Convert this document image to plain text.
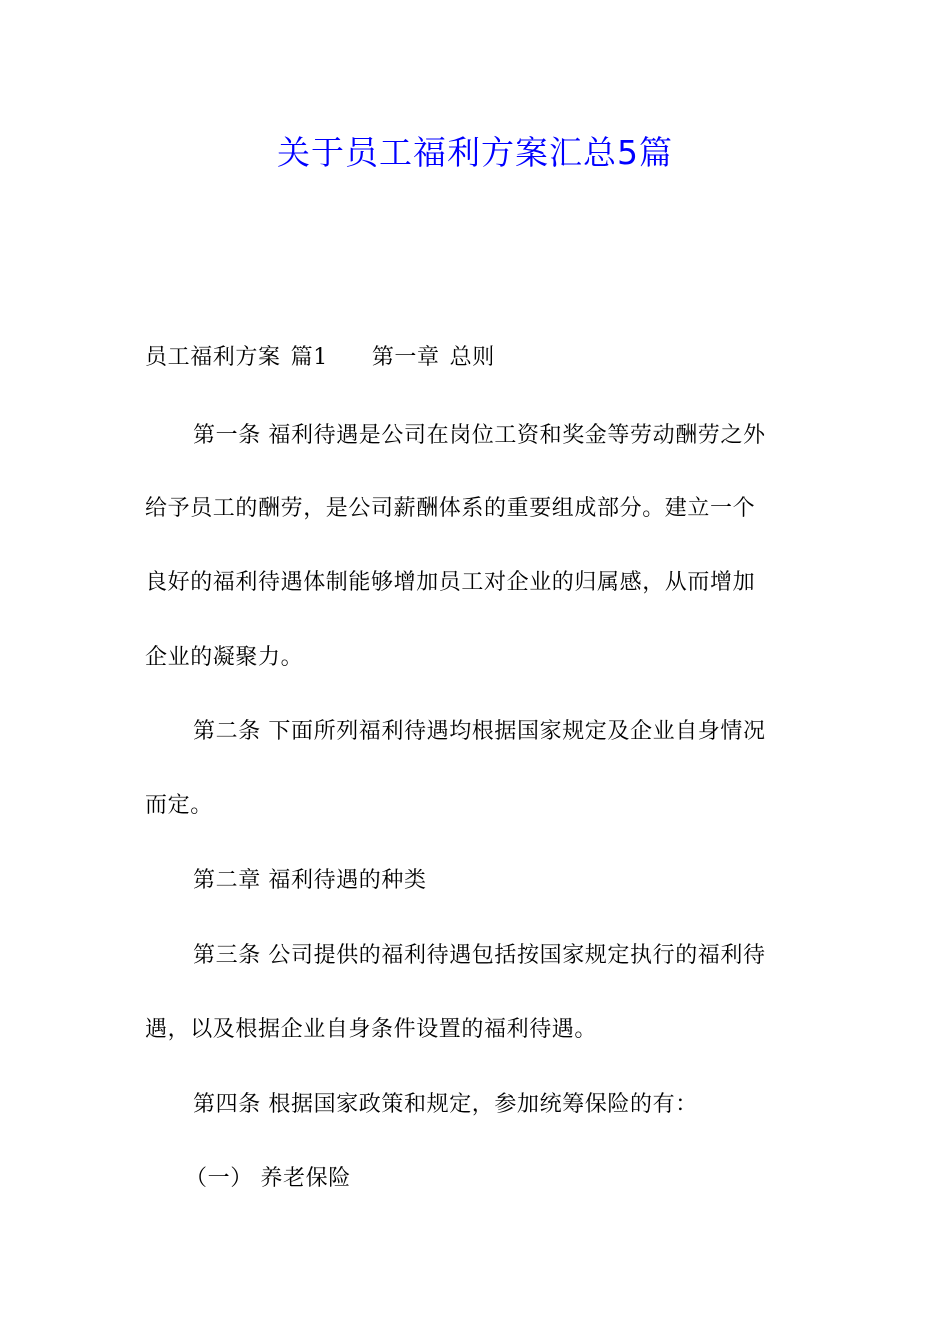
关于员工福利方案汇总5篇
员工福利方案 篇1 第一章 总则
第一条 福利待遇是公司在岗位工资和奖金等劳动酬劳之外
给予员工的酬劳，是公司薪酬体系的重要组成部分。建立一个
良好的福利待遇体制能够增加员工对企业的归属感，从而增加
企业的凝聚力。
第二条 下面所列福利待遇均根据国家规定及企业自身情况
而定。
第二章 福利待遇的种类
第三条 公司提供的福利待遇包括按国家规定执行的福利待
遇，以及根据企业自身条件设置的福利待遇。
第四条 根据国家政策和规定，参加统筹保险的有：
（一） 养老保险
